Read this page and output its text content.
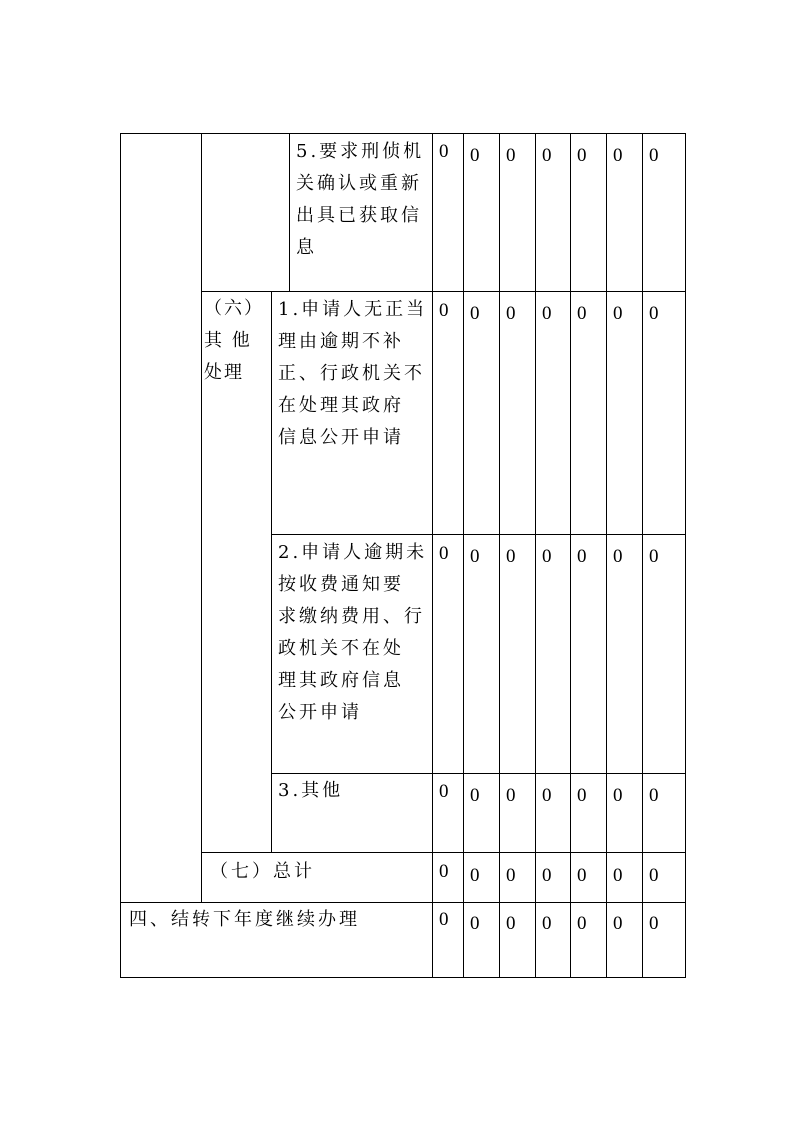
5.要求刑侦机
关确认或重新
出具已获取信
息
（六）
其 他
处理
1.申请人无正当
理由逾期不补
正、行政机关不
在处理其政府
信息公开申请
2.申请人逾期未
按收费通知要
求缴纳费用、行
政机关不在处
理其政府信息
公开申请
3.其他
（七）总计
四、结转下年度继续办理
0 0 0 0 0 0 0
0 0 0 0 0 0 0
0 0 0 0 0 0 0
0 0 0 0 0 0 0
0 0 0 0 0 0 0
0 0 0 0 0 0 0
